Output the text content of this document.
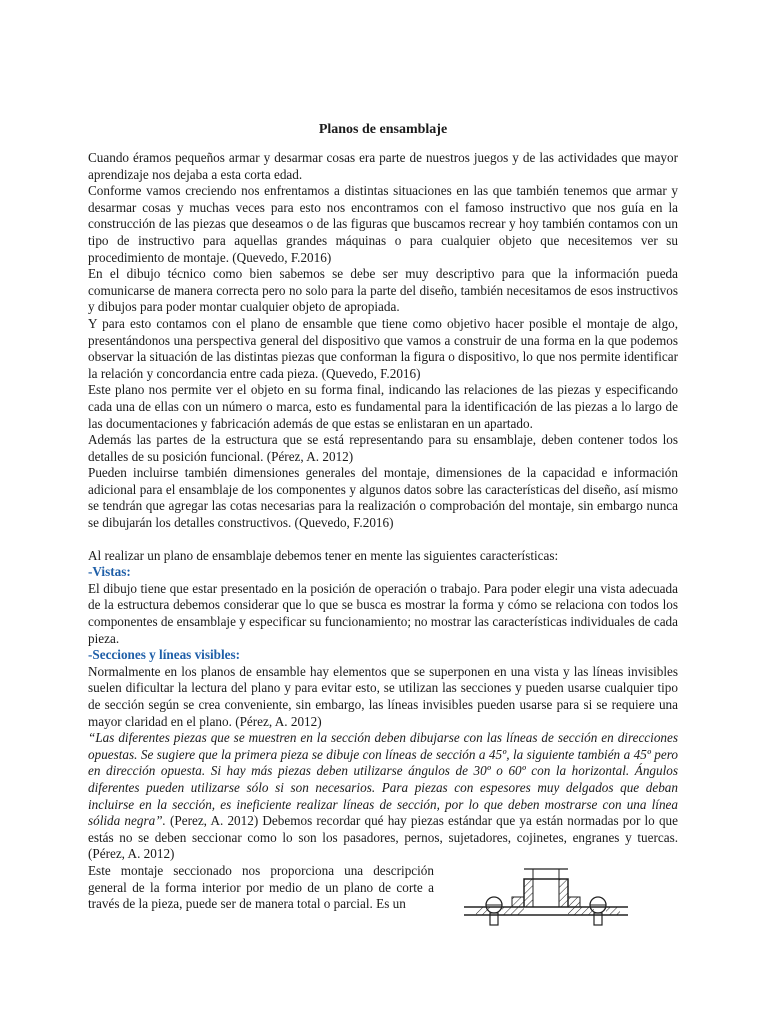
Planos de ensamblaje

Cuando éramos pequeños armar y desarmar cosas era parte de nuestros juegos y de las actividades que mayor aprendizaje nos dejaba a esta corta edad.

Conforme vamos creciendo nos enfrentamos a distintas situaciones en las que también tenemos que armar y desarmar cosas y muchas veces para esto nos encontramos con el famoso instructivo que nos guía en la construcción de las piezas que deseamos o de las figuras que buscamos recrear y hoy también contamos con un tipo de instructivo para aquellas grandes máquinas o para cualquier objeto que necesitemos ver su procedimiento de montaje. (Quevedo, F.2016)

En el dibujo técnico como bien sabemos se debe ser muy descriptivo para que la información pueda comunicarse de manera correcta pero no solo para la parte del diseño, también necesitamos de esos instructivos y dibujos para poder montar cualquier objeto de apropiada.

Y para esto contamos con el plano de ensamble que tiene como objetivo hacer posible el montaje de algo, presentándonos una perspectiva general del dispositivo que vamos a construir de una forma en la que podemos observar la situación de las distintas piezas que conforman la figura o dispositivo, lo que nos permite identificar la relación y concordancia entre cada pieza. (Quevedo, F.2016)

Este plano nos permite ver el objeto en su forma final, indicando las relaciones de las piezas y especificando cada una de ellas con un número o marca, esto es fundamental para la identificación de las piezas a lo largo de las documentaciones y fabricación además de que estas se enlistaran en un apartado.

Además las partes de la estructura que se está representando para su ensamblaje, deben contener todos los detalles de su posición funcional. (Pérez, A. 2012)

Pueden incluirse también dimensiones generales del montaje, dimensiones de la capacidad e información adicional para el ensamblaje de los componentes y algunos datos sobre las características del diseño, así mismo se tendrán que agregar las cotas necesarias para la realización o comprobación del montaje, sin embargo nunca se dibujarán los detalles constructivos. (Quevedo, F.2016)

Al realizar un plano de ensamblaje debemos tener en mente las siguientes características:

-Vistas:

El dibujo tiene que estar presentado en la posición de operación o trabajo. Para poder elegir una vista adecuada de la estructura debemos considerar que lo que se busca es mostrar la forma y cómo se relaciona con todos los componentes de ensamblaje y especificar su funcionamiento; no mostrar las características individuales de cada pieza.

-Secciones y líneas visibles:

Normalmente en los planos de ensamble hay elementos que se superponen en una vista y las líneas invisibles suelen dificultar la lectura del plano y para evitar esto, se utilizan las secciones y pueden usarse cualquier tipo de sección según se crea conveniente, sin embargo, las líneas invisibles pueden usarse para si se requiere una mayor claridad en el plano. (Pérez, A. 2012)

“Las diferentes piezas que se muestren en la sección deben dibujarse con las líneas de sección en direcciones opuestas. Se sugiere que la primera pieza se dibuje con líneas de sección a 45º, la siguiente también a 45º pero en dirección opuesta. Si hay más piezas deben utilizarse ángulos de 30º o 60º con la horizontal. Ángulos diferentes pueden utilizarse sólo si son necesarios. Para piezas con espesores muy delgados que deban incluirse en la sección, es ineficiente realizar líneas de sección, por lo que deben mostrarse con una línea sólida negra”. (Perez, A. 2012) Debemos recordar qué hay piezas estándar que ya están normadas por lo que estás no se deben seccionar como lo son los pasadores, pernos, sujetadores, cojinetes, engranes y tuercas. (Pérez, A. 2012)

Este montaje seccionado nos proporciona una descripción general de la forma interior por medio de un plano de corte a través de la pieza, puede ser de manera total o parcial. Es un
